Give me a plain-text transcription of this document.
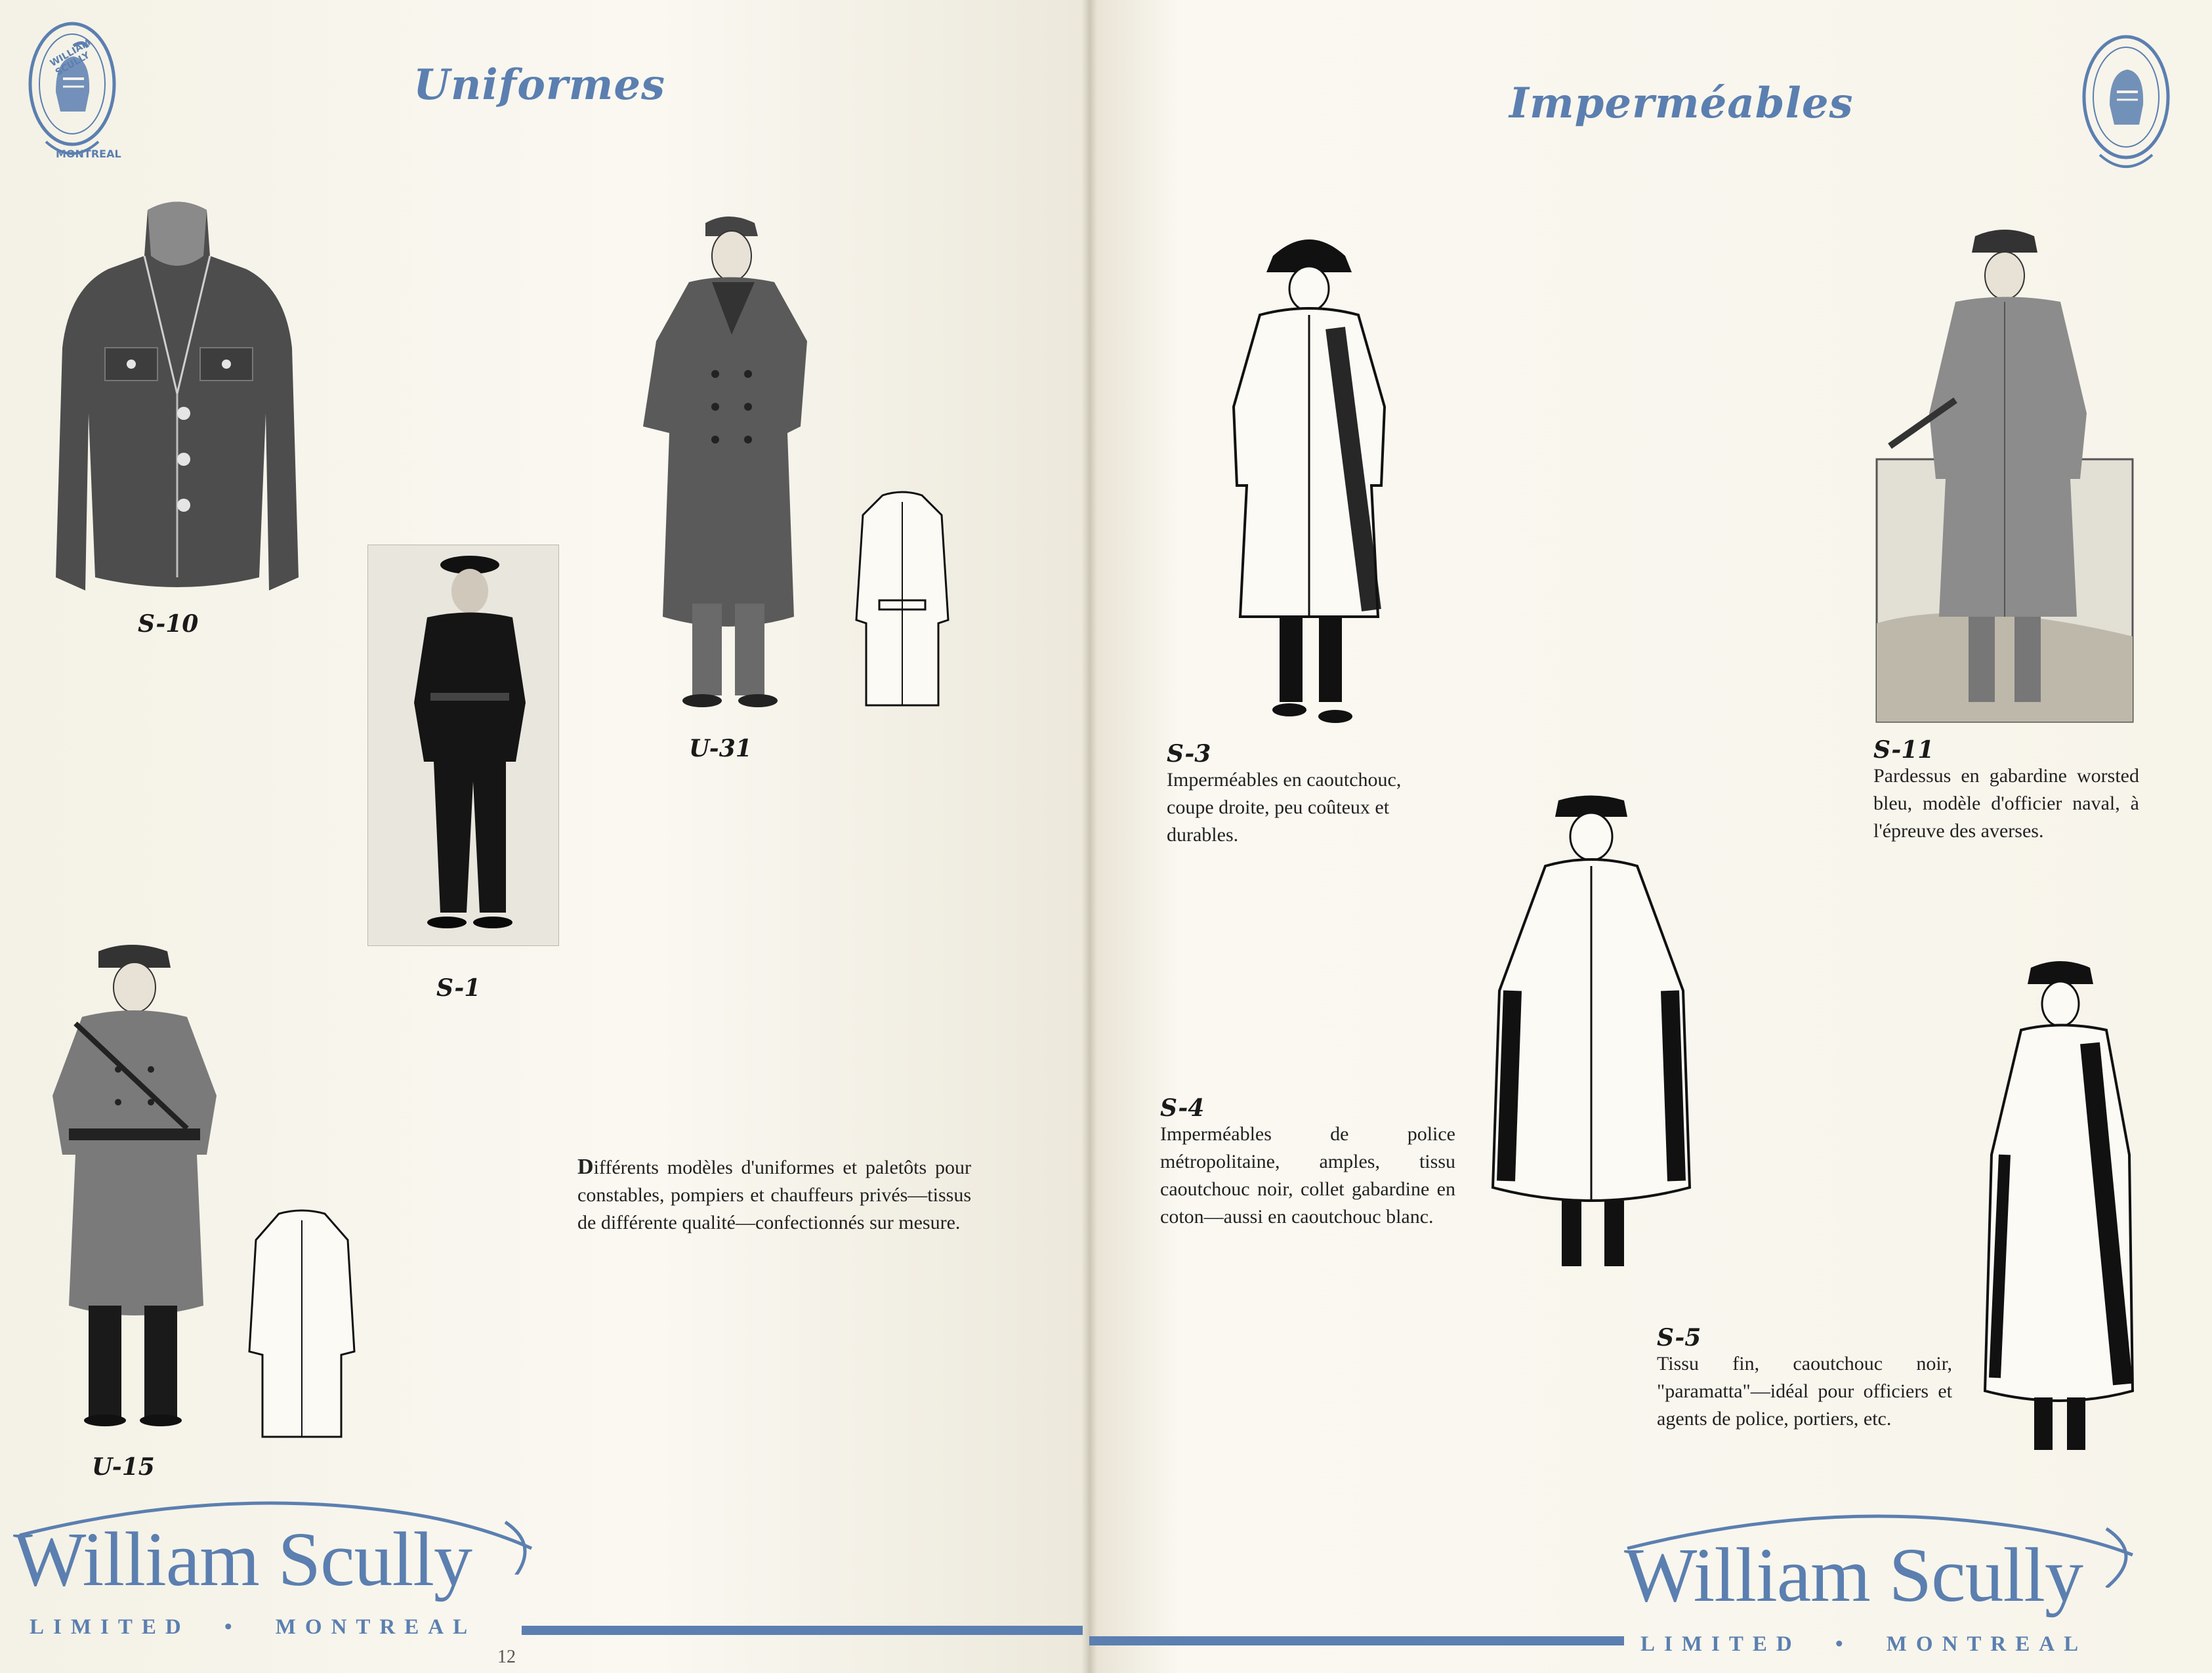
WILLIAM SCULLY
MONTREAL
Uniformes
S-10
U-31
S-1
U-15
Différents modèles d'uniformes et paletôts pour constables, pompiers et chauffeurs privés—tissus de différente qualité—confectionnés sur mesure.
William Scully
LIMITED • MONTREAL
12
Imperméables
S-3
Imperméables en caoutchouc, coupe droite, peu coûteux et durables.
S-11
Pardessus en gabardine worsted bleu, modèle d'officier naval, à l'épreuve des averses.
S-4
Imperméables de police métropolitaine, amples, tissu caoutchouc noir, collet gabardine en coton—aussi en caoutchouc blanc.
S-5
Tissu fin, caoutchouc noir, "paramatta"—idéal pour officiers et agents de police, portiers, etc.
William Scully
LIMITED • MONTREAL
